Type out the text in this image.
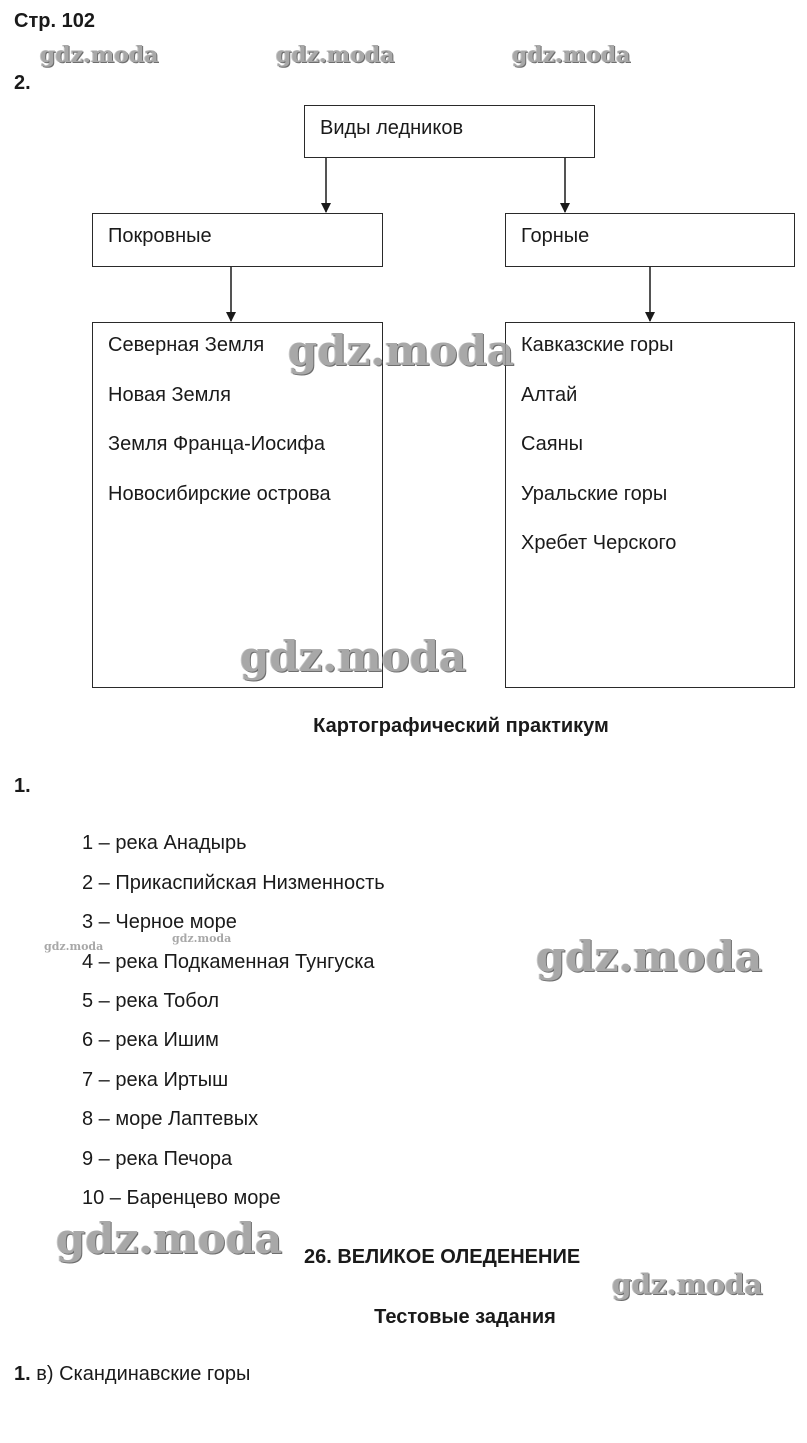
Стр. 102
gdz.moda	gdz.moda	gdz.moda
2.
Виды ледников
Покровные	Горные
Северная Земля
Новая Земля
Земля Франца-Иосифа
Новосибирские острова
Кавказские горы
Алтай
Саяны
Уральские горы
Хребет Черского
gdz.moda
gdz.moda
Картографический практикум
1.
1 – река Анадырь
2 – Прикаспийская Низменность
3 – Черное море
4 – река Подкаменная Тунгуска
5 – река Тобол
6 – река Ишим
7 – река Иртыш
8 – море Лаптевых
9 – река Печора
10 – Баренцево море
gdz.moda
gdz.moda	gdz.moda
gdz.moda 26. ВЕЛИКОЕ ОЛЕДЕНЕНИЕ
gdz.moda
Тестовые задания
1. в) Скандинавские горы
